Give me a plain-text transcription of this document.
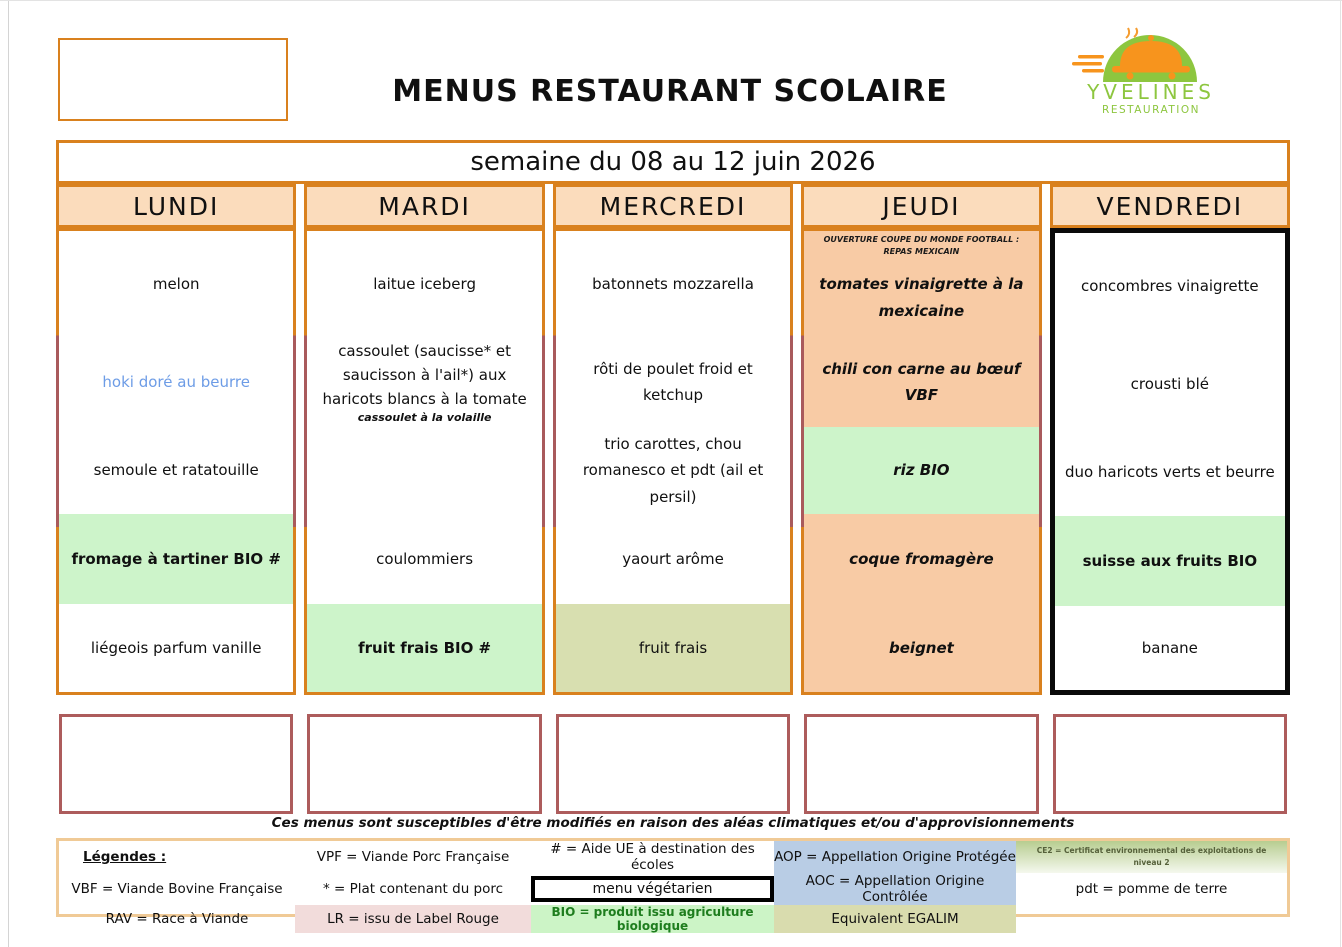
MENUS RESTAURANT SCOLAIRE	YVELINES
RESTAURATION
semaine du 08 au 12 juin 2026
LUNDI
melon
hoki doré au beurre
semoule et ratatouille
fromage à tartiner BIO #
liégeois parfum vanille
MARDI
laitue iceberg
cassoulet (saucisse* et saucisson à l'ail*) aux haricots blancs à la tomate
cassoulet à la volaille
coulommiers
fruit frais BIO #
MERCREDI
batonnets mozzarella
rôti de poulet froid et ketchup
trio carottes, chou romanesco et pdt (ail et persil)
yaourt arôme
fruit frais
JEUDI
OUVERTURE COUPE DU MONDE FOOTBALL : REPAS MEXICAIN
tomates vinaigrette à la mexicaine
chili con carne au bœuf VBF
riz BIO
coque fromagère
beignet
VENDREDI
concombres vinaigrette
crousti blé
duo haricots verts et beurre
suisse aux fruits BIO
banane
Ces menus sont susceptibles d'être modifiés en raison des aléas climatiques et/ou d'approvisionnements
Légendes :	VPF = Viande Porc Française	# = Aide UE à destination des écoles	AOP = Appellation Origine Protégée	CE2 = Certificat environnemental des exploitations de niveau 2
VBF = Viande Bovine Française	* = Plat contenant du porc	menu végétarien	AOC = Appellation Origine Contrôlée	pdt = pomme de terre
RAV = Race à Viande	LR = issu de Label Rouge	BIO = produit issu agriculture biologique	Equivalent EGALIM
